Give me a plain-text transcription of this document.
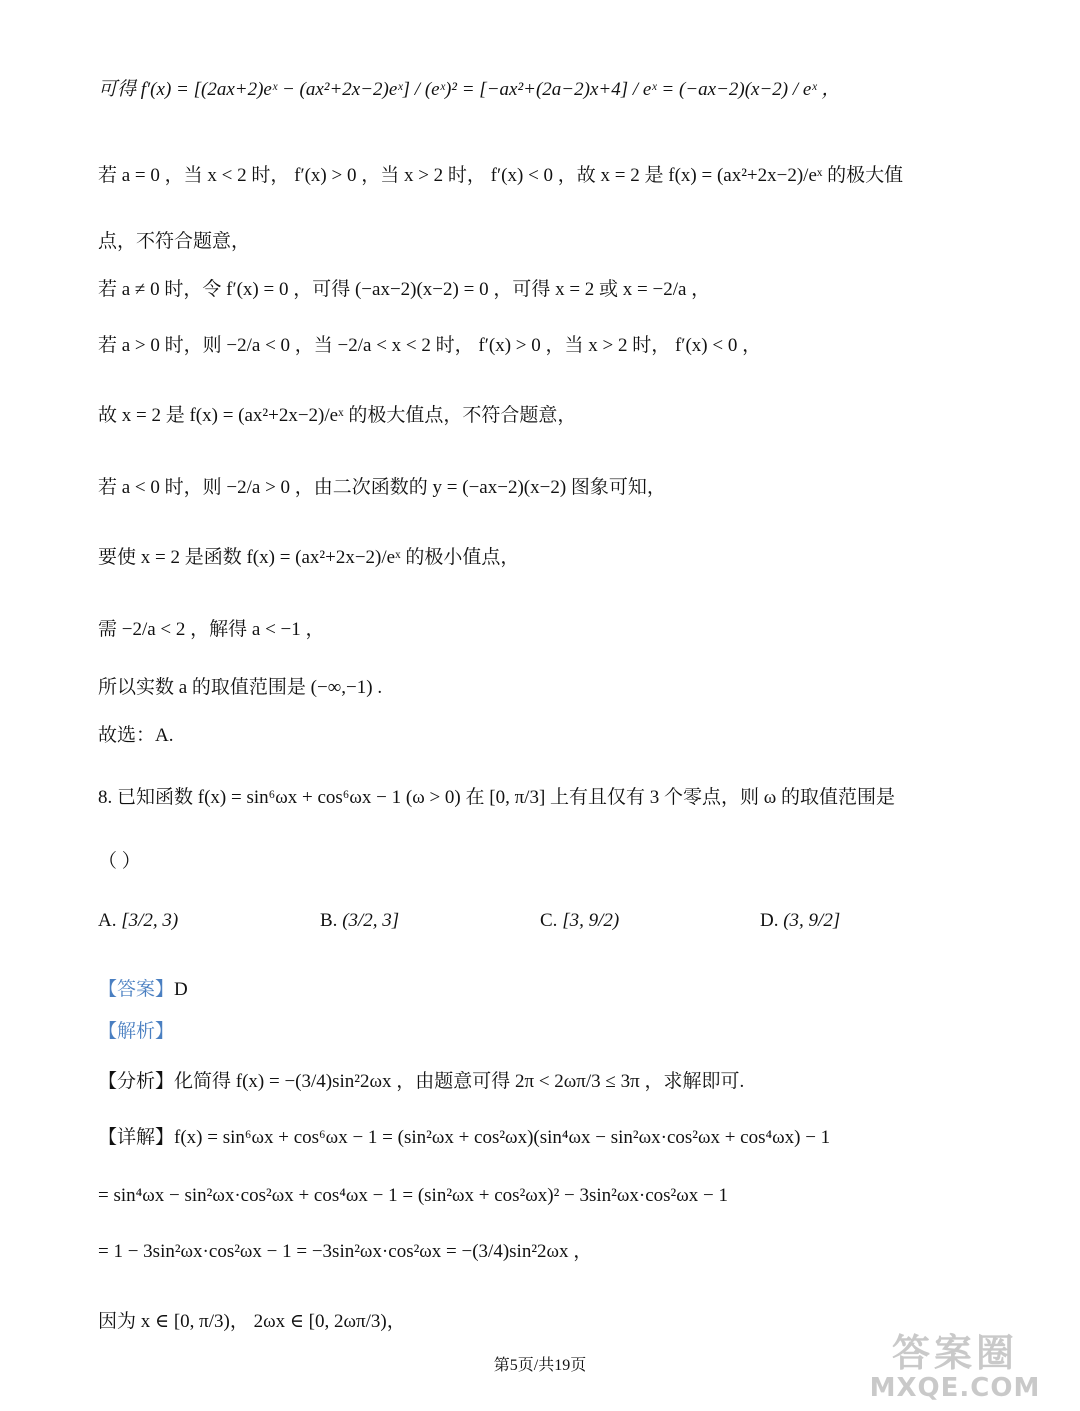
可得 f′(x) = [(2ax+2)eˣ − (ax²+2x−2)eˣ] / (eˣ)² = [−ax²+(2a−2)x+4] / eˣ = (−ax−2)(x−2) / eˣ ，
若 a = 0 ，当 x < 2 时， f′(x) > 0 ，当 x > 2 时， f′(x) < 0 ，故 x = 2 是 f(x) = (ax²+2x−2)/eˣ 的极大值
点，不符合题意，
若 a ≠ 0 时，令 f′(x) = 0 ，可得 (−ax−2)(x−2) = 0 ，可得 x = 2 或 x = −2/a ，
若 a > 0 时，则 −2/a < 0 ，当 −2/a < x < 2 时， f′(x) > 0 ，当 x > 2 时， f′(x) < 0 ，
故 x = 2 是 f(x) = (ax²+2x−2)/eˣ 的极大值点，不符合题意，
若 a < 0 时，则 −2/a > 0 ，由二次函数的 y = (−ax−2)(x−2) 图象可知，
要使 x = 2 是函数 f(x) = (ax²+2x−2)/eˣ 的极小值点，
需 −2/a < 2 ，解得 a < −1 ，
所以实数 a 的取值范围是 (−∞,−1) .
故选：A.
8. 已知函数 f(x) = sin⁶ωx + cos⁶ωx − 1 (ω > 0) 在 [0, π/3] 上有且仅有 3 个零点，则 ω 的取值范围是
（ ）
A. [3/2, 3)	B. (3/2, 3]	C. [3, 9/2)	D. (3, 9/2]
【答案】D
【解析】
【分析】化简得 f(x) = −(3/4)sin²2ωx ，由题意可得 2π < 2ωπ/3 ≤ 3π ，求解即可.
【详解】f(x) = sin⁶ωx + cos⁶ωx − 1 = (sin²ωx + cos²ωx)(sin⁴ωx − sin²ωx·cos²ωx + cos⁴ωx) − 1
= sin⁴ωx − sin²ωx·cos²ωx + cos⁴ωx − 1 = (sin²ωx + cos²ωx)² − 3sin²ωx·cos²ωx − 1
= 1 − 3sin²ωx·cos²ωx − 1 = −3sin²ωx·cos²ωx = −(3/4)sin²2ωx ，
因为 x ∈ [0, π/3)， 2ωx ∈ [0, 2ωπ/3)，
第5页/共19页	答案圈
MXQE.COM
